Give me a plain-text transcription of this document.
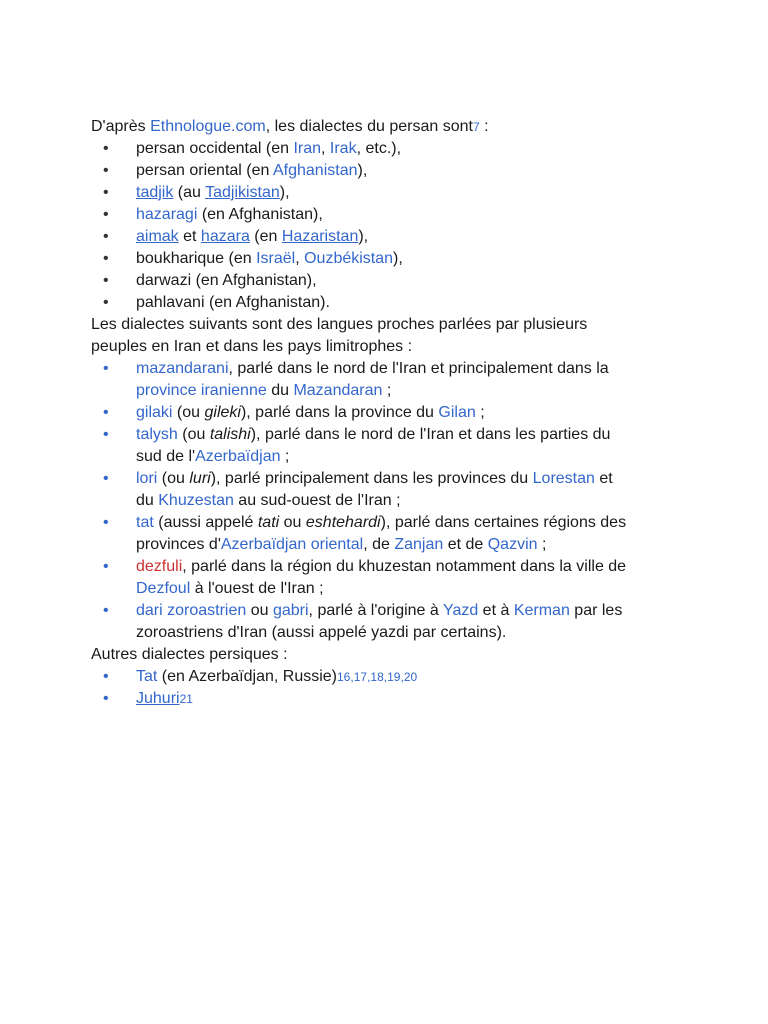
D'après Ethnologue.com, les dialectes du persan sont7 :
• persan occidental (en Iran, Irak, etc.),
• persan oriental (en Afghanistan),
• tadjik (au Tadjikistan),
• hazaragi (en Afghanistan),
• aimak et hazara (en Hazaristan),
• boukharique (en Israël, Ouzbékistan),
• darwazi (en Afghanistan),
• pahlavani (en Afghanistan).
Les dialectes suivants sont des langues proches parlées par plusieurs
peuples en Iran et dans les pays limitrophes :
• mazandarani, parlé dans le nord de l'Iran et principalement dans la
province iranienne du Mazandaran ;
• gilaki (ou gileki), parlé dans la province du Gilan ;
• talysh (ou talishi), parlé dans le nord de l'Iran et dans les parties du
sud de l'Azerbaïdjan ;
• lori (ou luri), parlé principalement dans les provinces du Lorestan et
du Khuzestan au sud-ouest de l'Iran ;
• tat (aussi appelé tati ou eshtehardi), parlé dans certaines régions des
provinces d'Azerbaïdjan oriental, de Zanjan et de Qazvin ;
• dezfuli, parlé dans la région du khuzestan notamment dans la ville de
Dezfoul à l'ouest de l'Iran ;
• dari zoroastrien ou gabri, parlé à l'origine à Yazd et à Kerman par les
zoroastriens d'Iran (aussi appelé yazdi par certains).
Autres dialectes persiques :
• Tat (en Azerbaïdjan, Russie)16,17,18,19,20
• Juhuri21
